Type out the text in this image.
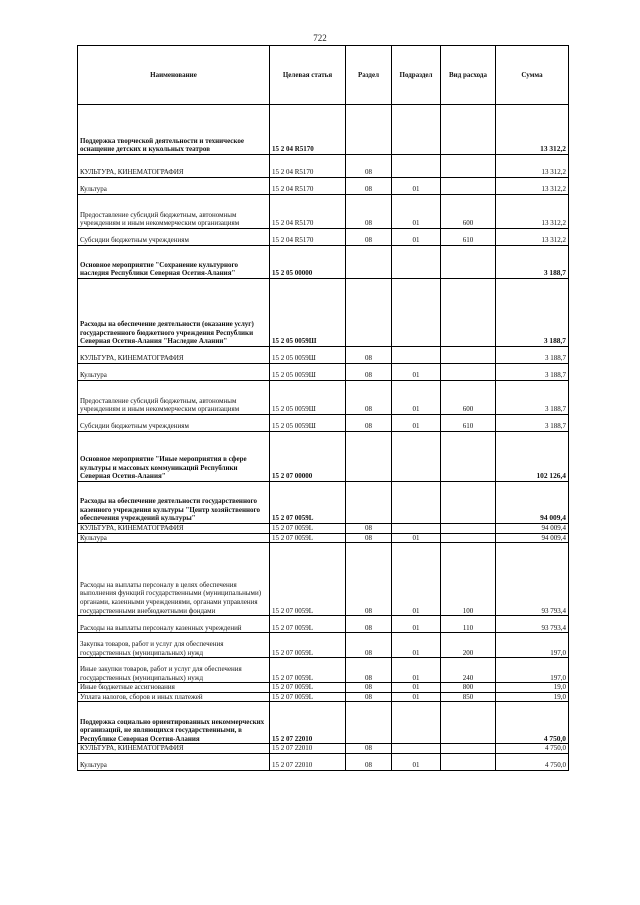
722
Наименование	Целевая статья	Раздел	Подраздел	Вид расхода	Сумма
Поддержка творческой деятельности и техническое оснащение детских и кукольных театров	15 2 04 R5170				13 312,2
КУЛЬТУРА, КИНЕМАТОГРАФИЯ	15 2 04 R5170	08			13 312,2
Культура	15 2 04 R5170	08	01		13 312,2
Предоставление субсидий бюджетным, автономным учреждениям и иным некоммерческим организациям	15 2 04 R5170	08	01	600	13 312,2
Субсидии бюджетным учреждениям	15 2 04 R5170	08	01	610	13 312,2
Основное мероприятие "Сохранение культурного наследия Республики Северная Осетия-Алания"	15 2 05 00000				3 188,7
Расходы на обеспечение деятельности (оказание услуг) государственного бюджетного учреждения Республики Северная Осетия-Алания "Наследие Алании"	15 2 05 0059Ш				3 188,7
КУЛЬТУРА, КИНЕМАТОГРАФИЯ	15 2 05 0059Ш	08			3 188,7
Культура	15 2 05 0059Ш	08	01		3 188,7
Предоставление субсидий бюджетным, автономным учреждениям и иным некоммерческим организациям	15 2 05 0059Ш	08	01	600	3 188,7
Субсидии бюджетным учреждениям	15 2 05 0059Ш	08	01	610	3 188,7
Основное мероприятие "Иные мероприятия в сфере культуры и массовых коммуникаций Республики Северная Осетия-Алания"	15 2 07 00000				102 126,4
Расходы на обеспечение деятельности государственного казенного учреждения культуры "Центр хозяйственного обеспечения учреждений культуры"	15 2 07 0059L				94 009,4
КУЛЬТУРА, КИНЕМАТОГРАФИЯ	15 2 07 0059L	08			94 009,4
Культура	15 2 07 0059L	08	01		94 009,4
Расходы на выплаты персоналу в целях обеспечения выполнения функций государственными (муниципальными) органами, казенными учреждениями, органами управления государственными внебюджетными фондами	15 2 07 0059L	08	01	100	93 793,4
Расходы на выплаты персоналу казенных учреждений	15 2 07 0059L	08	01	110	93 793,4
Закупка товаров, работ и услуг для обеспечения государственных (муниципальных) нужд	15 2 07 0059L	08	01	200	197,0
Иные закупки товаров, работ и услуг для обеспечения государственных (муниципальных) нужд	15 2 07 0059L	08	01	240	197,0
Иные бюджетные ассигнования	15 2 07 0059L	08	01	800	19,0
Уплата налогов, сборов и иных платежей	15 2 07 0059L	08	01	850	19,0
Поддержка социально ориентированных некоммерческих организаций, не являющихся государственными, в Республике Северная Осетия-Алания	15 2 07 22010				4 750,0
КУЛЬТУРА, КИНЕМАТОГРАФИЯ	15 2 07 22010	08			4 750,0
Культура	15 2 07 22010	08	01		4 750,0
